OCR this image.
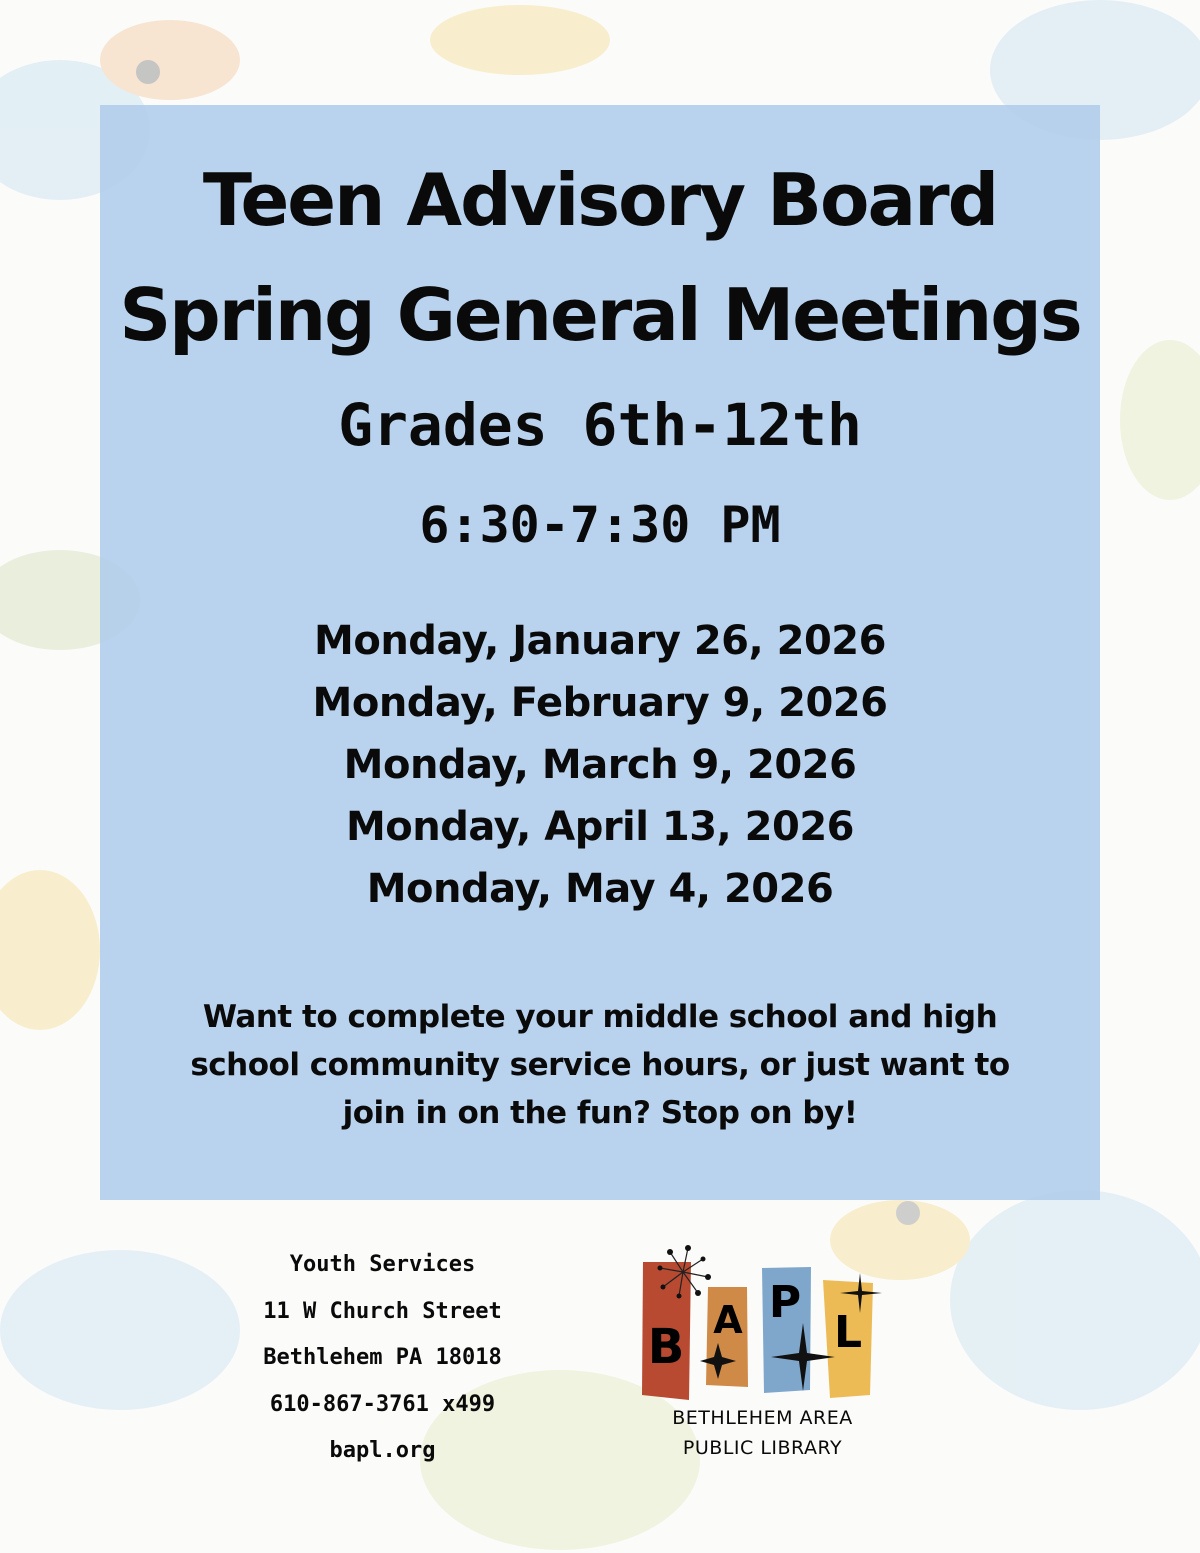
Teen Advisory Board
Spring General Meetings
Grades 6th-12th
6:30-7:30 PM
Monday, January 26, 2026
Monday, February 9, 2026
Monday, March 9, 2026
Monday, April 13, 2026
Monday, May 4, 2026
Want to complete your middle school and high school community service hours, or just want to join in on the fun? Stop on by!
Youth Services
11 W Church Street
Bethlehem PA 18018
610-867-3761 x499
bapl.org
B A P
L
BETHLEHEM AREA
PUBLIC LIBRARY
